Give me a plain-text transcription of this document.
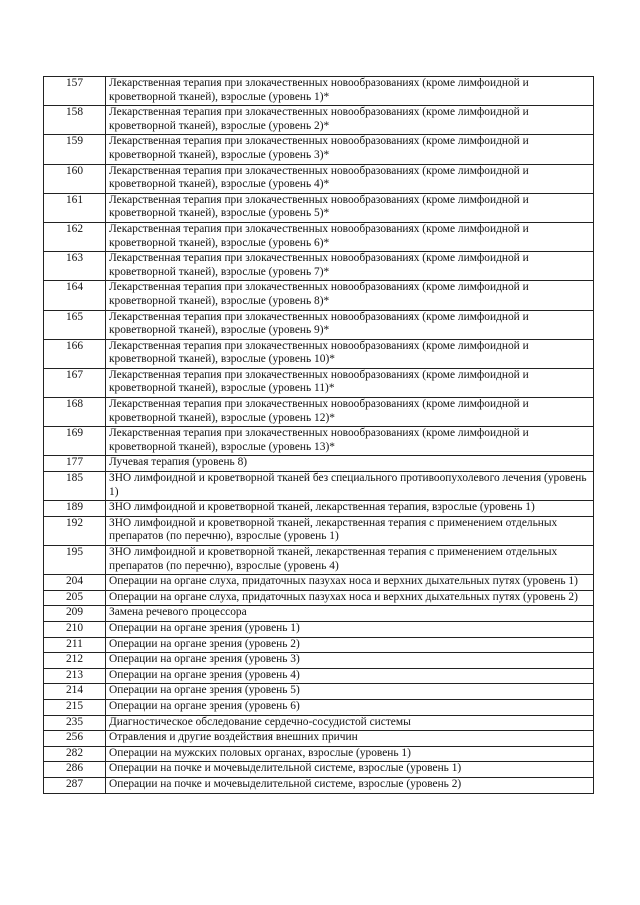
157	Лекарственная терапия при злокачественных новообразованиях (кроме лимфоидной и кроветворной тканей), взрослые (уровень 1)*
158	Лекарственная терапия при злокачественных новообразованиях (кроме лимфоидной и кроветворной тканей), взрослые (уровень 2)*
159	Лекарственная терапия при злокачественных новообразованиях (кроме лимфоидной и кроветворной тканей), взрослые (уровень 3)*
160	Лекарственная терапия при злокачественных новообразованиях (кроме лимфоидной и кроветворной тканей), взрослые (уровень 4)*
161	Лекарственная терапия при злокачественных новообразованиях (кроме лимфоидной и кроветворной тканей), взрослые (уровень 5)*
162	Лекарственная терапия при злокачественных новообразованиях (кроме лимфоидной и кроветворной тканей), взрослые (уровень 6)*
163	Лекарственная терапия при злокачественных новообразованиях (кроме лимфоидной и кроветворной тканей), взрослые (уровень 7)*
164	Лекарственная терапия при злокачественных новообразованиях (кроме лимфоидной и кроветворной тканей), взрослые (уровень 8)*
165	Лекарственная терапия при злокачественных новообразованиях (кроме лимфоидной и кроветворной тканей), взрослые (уровень 9)*
166	Лекарственная терапия при злокачественных новообразованиях (кроме лимфоидной и кроветворной тканей), взрослые (уровень 10)*
167	Лекарственная терапия при злокачественных новообразованиях (кроме лимфоидной и кроветворной тканей), взрослые (уровень 11)*
168	Лекарственная терапия при злокачественных новообразованиях (кроме лимфоидной и кроветворной тканей), взрослые (уровень 12)*
169	Лекарственная терапия при злокачественных новообразованиях (кроме лимфоидной и кроветворной тканей), взрослые (уровень 13)*
177	Лучевая терапия (уровень 8)
185	ЗНО лимфоидной и кроветворной тканей без специального противоопухолевого лечения (уровень 1)
189	ЗНО лимфоидной и кроветворной тканей, лекарственная терапия, взрослые (уровень 1)
192	ЗНО лимфоидной и кроветворной тканей, лекарственная терапия с применением отдельных препаратов (по перечню), взрослые (уровень 1)
195	ЗНО лимфоидной и кроветворной тканей, лекарственная терапия с применением отдельных препаратов (по перечню), взрослые (уровень 4)
204	Операции на органе слуха, придаточных пазухах носа и верхних дыхательных путях (уровень 1)
205	Операции на органе слуха, придаточных пазухах носа и верхних дыхательных путях (уровень 2)
209	Замена речевого процессора
210	Операции на органе зрения (уровень 1)
211	Операции на органе зрения (уровень 2)
212	Операции на органе зрения (уровень 3)
213	Операции на органе зрения (уровень 4)
214	Операции на органе зрения (уровень 5)
215	Операции на органе зрения (уровень 6)
235	Диагностическое обследование сердечно-сосудистой системы
256	Отравления и другие воздействия внешних причин
282	Операции на мужских половых органах, взрослые (уровень 1)
286	Операции на почке и мочевыделительной системе, взрослые (уровень 1)
287	Операции на почке и мочевыделительной системе, взрослые (уровень 2)
